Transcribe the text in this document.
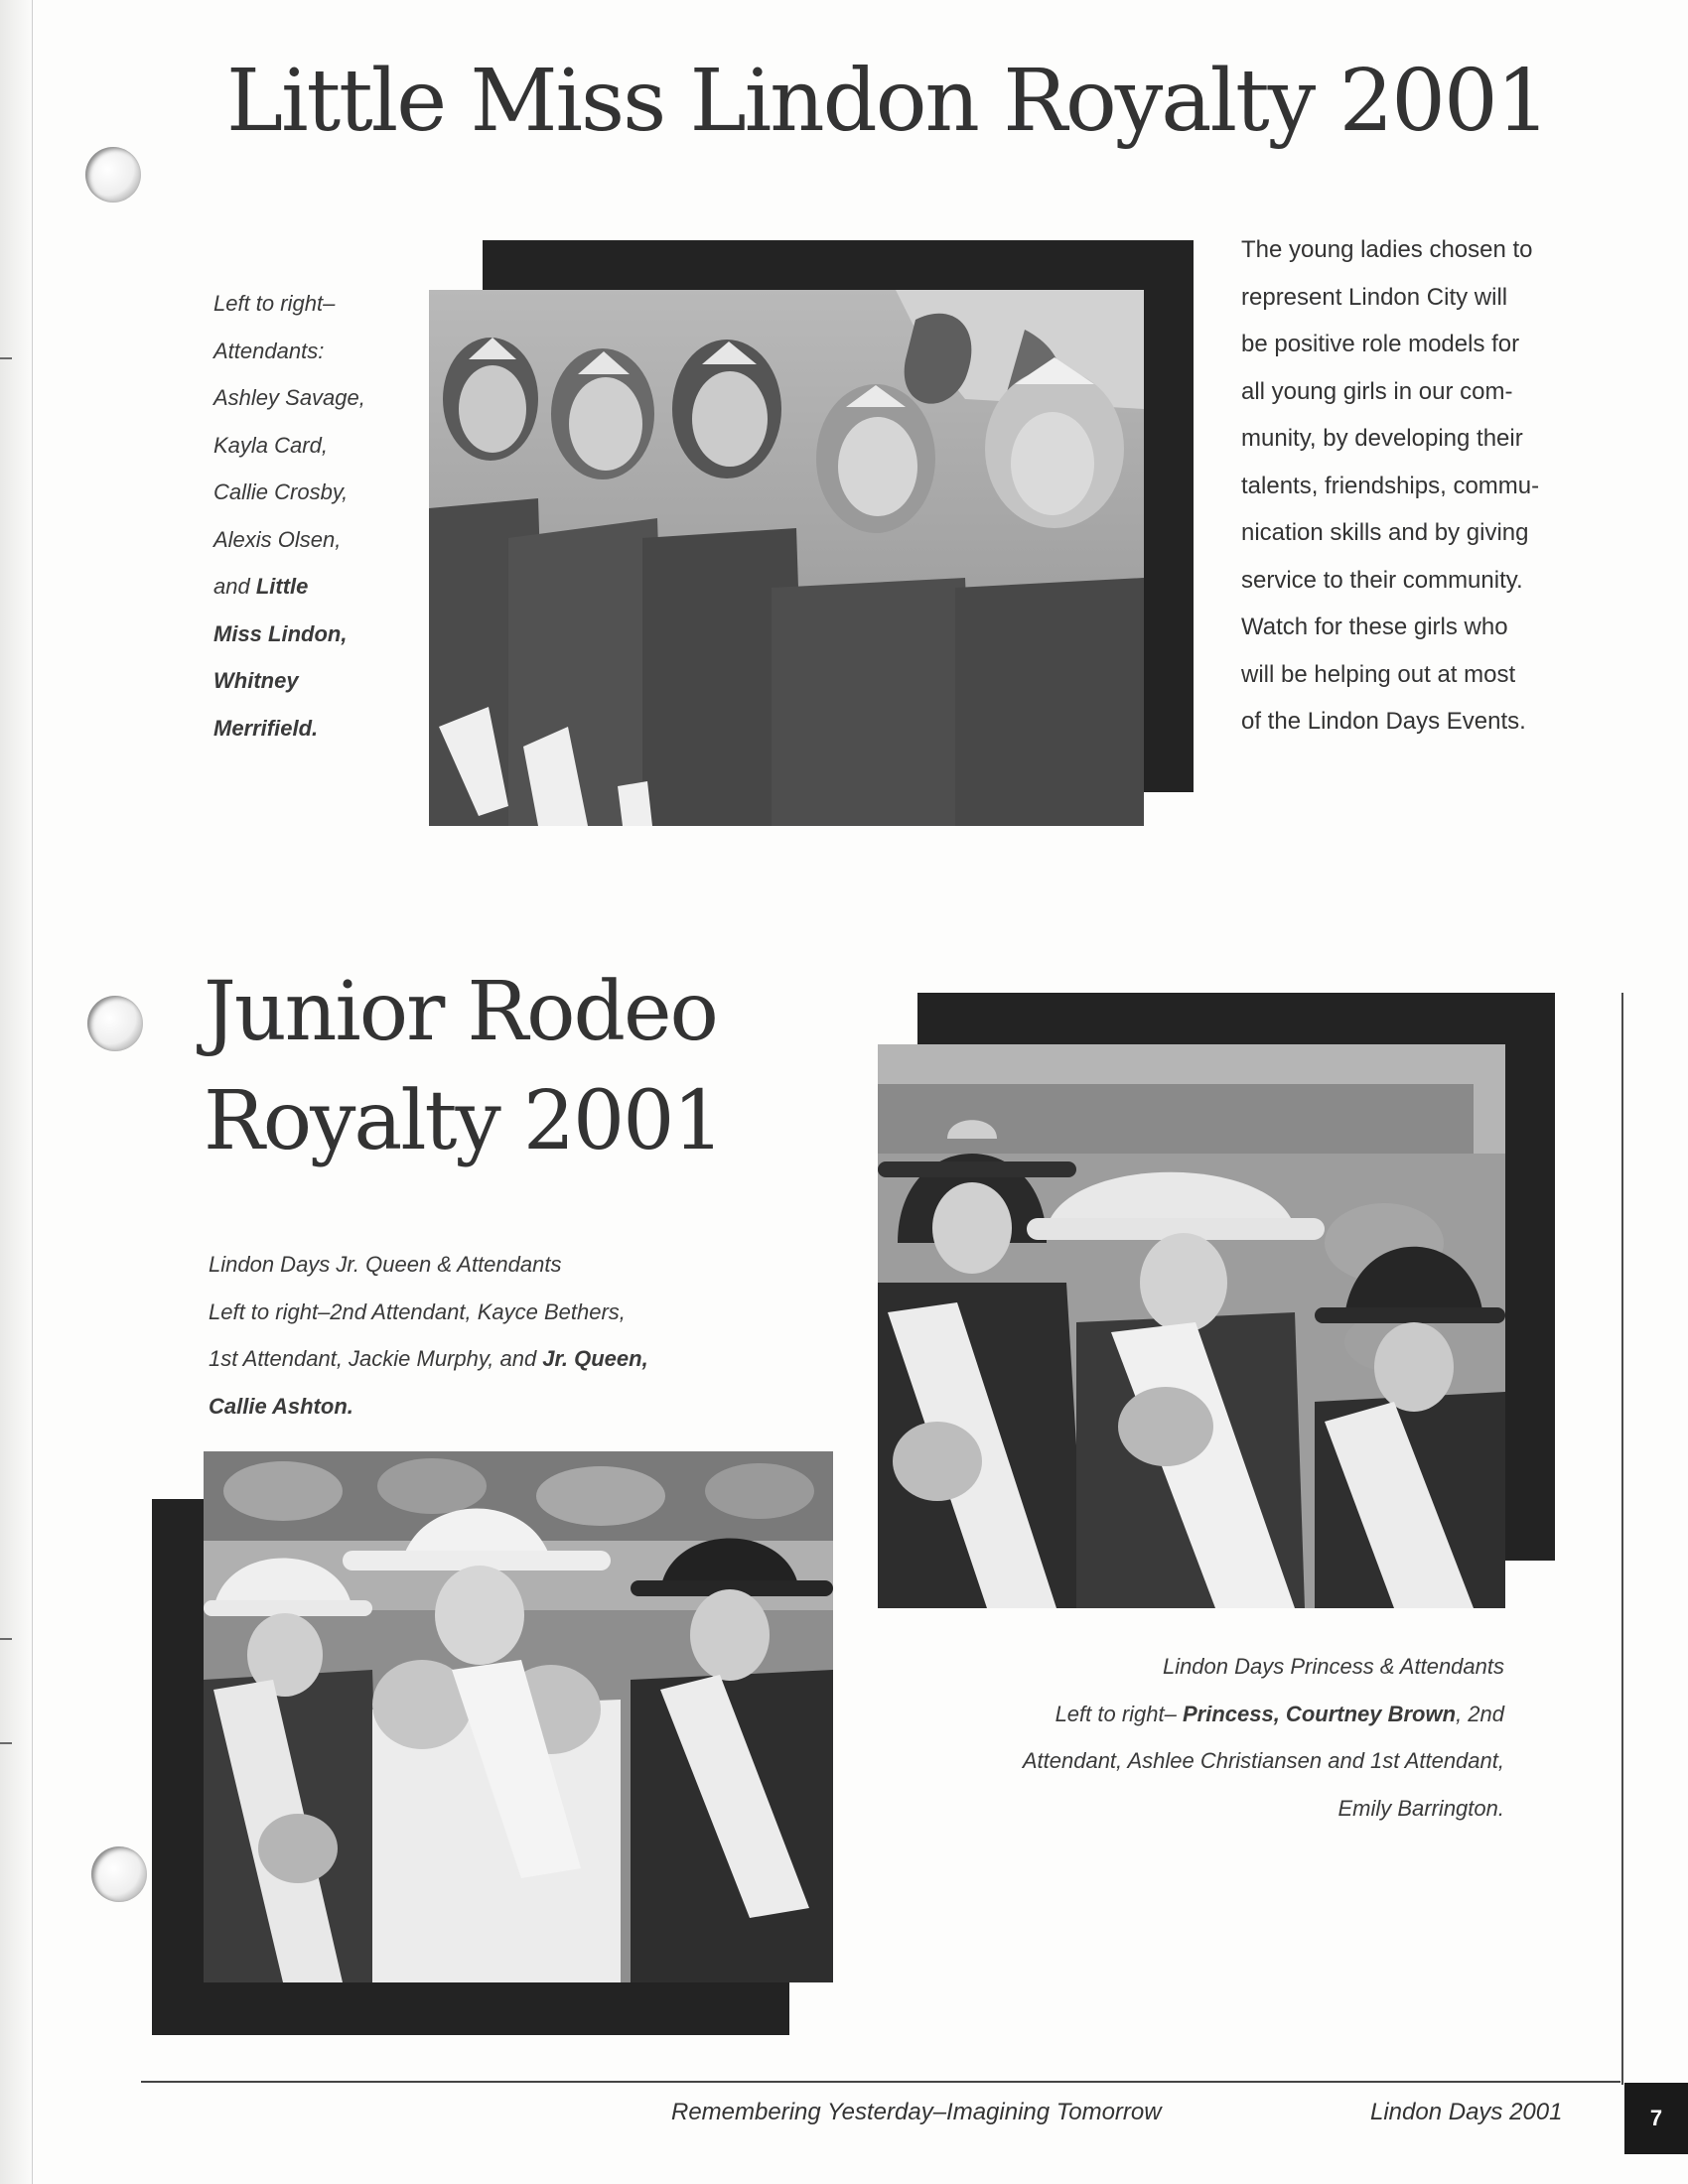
Little Miss Lindon Royalty 2001
Left to right–
Attendants:
Ashley Savage,
Kayla Card,
Callie Crosby,
Alexis Olsen,
and Little
Miss Lindon,
Whitney
Merrifield.
The young ladies chosen to
represent Lindon City will
be positive role models for
all young girls in our com-
munity, by developing their
talents, friendships, commu-
nication skills and by giving
service to their community.
Watch for these girls who
will be helping out at most
of the Lindon Days Events.
Junior Rodeo
Royalty 2001
Lindon Days Jr. Queen & Attendants
Left to right–2nd Attendant, Kayce Bethers,
1st Attendant, Jackie Murphy, and Jr. Queen,
Callie Ashton.
Lindon Days Princess & Attendants
Left to right– Princess, Courtney Brown, 2nd
Attendant, Ashlee Christiansen and 1st Attendant,
Emily Barrington.
Remembering Yesterday–Imagining Tomorrow	Lindon Days 2001	7
